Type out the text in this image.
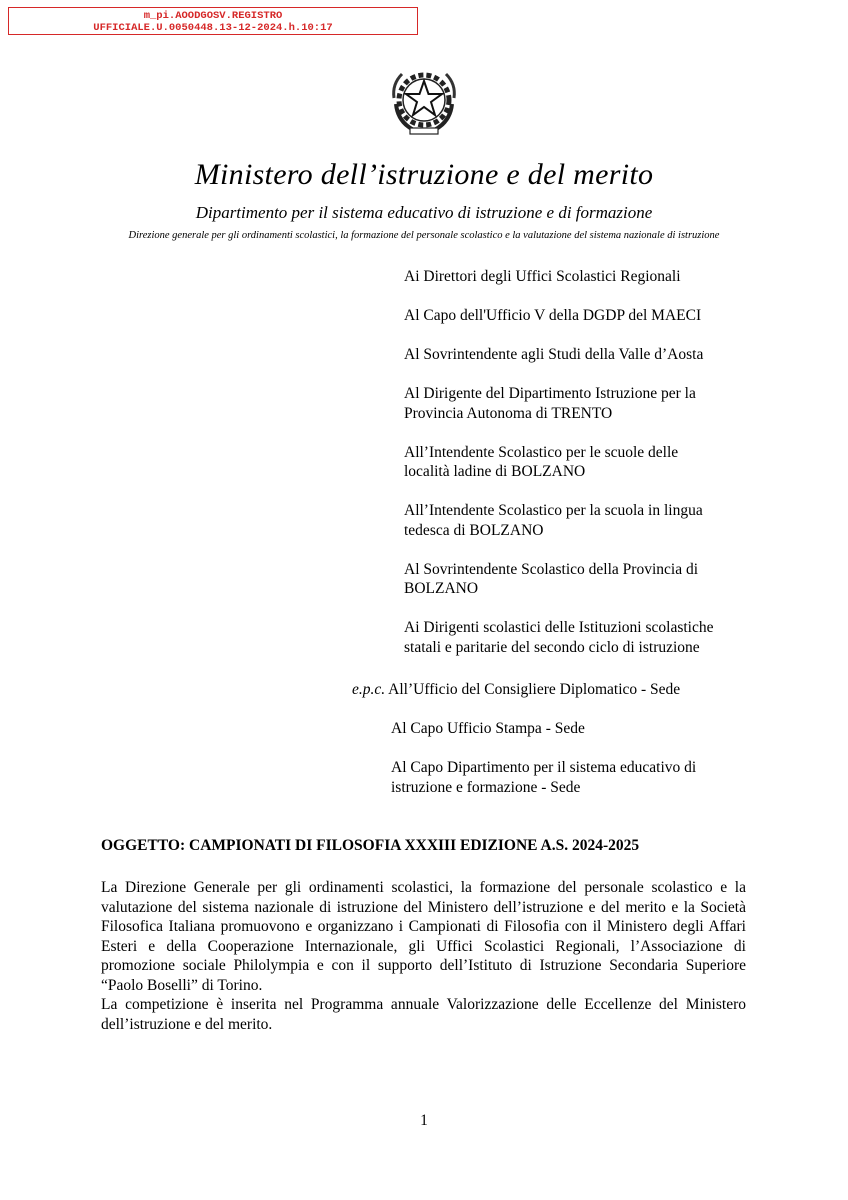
m_pi.AOODGOSV.REGISTRO
UFFICIALE.U.0050448.13-12-2024.h.10:17
Ministero dell’istruzione e del merito
Dipartimento per il sistema educativo di istruzione e di formazione
Direzione generale per gli ordinamenti scolastici, la formazione del personale scolastico e la valutazione del sistema nazionale di istruzione
Ai Direttori degli Uffici Scolastici Regionali
Al Capo dell'Ufficio V della DGDP del MAECI
Al Sovrintendente agli Studi della Valle d’Aosta
Al Dirigente del Dipartimento Istruzione per la
Provincia Autonoma di TRENTO
All’Intendente Scolastico per le scuole delle
località ladine di BOLZANO
All’Intendente Scolastico per la scuola in lingua
tedesca di BOLZANO
Al Sovrintendente Scolastico della Provincia di
BOLZANO
Ai Dirigenti scolastici delle Istituzioni scolastiche
statali e paritarie del secondo ciclo di istruzione
e.p.c. All’Ufficio del Consigliere Diplomatico - Sede
Al Capo Ufficio Stampa - Sede
Al Capo Dipartimento per il sistema educativo di
istruzione e formazione - Sede
OGGETTO: CAMPIONATI DI FILOSOFIA XXXIII EDIZIONE A.S. 2024-2025

La Direzione Generale per gli ordinamenti scolastici, la formazione del personale scolastico e la valutazione del sistema nazionale di istruzione del Ministero dell’istruzione e del merito e la Società Filosofica Italiana promuovono e organizzano i Campionati di Filosofia con il Ministero degli Affari Esteri e della Cooperazione Internazionale, gli Uffici Scolastici Regionali, l’Associazione di promozione sociale Philolympia e con il supporto dell’Istituto di Istruzione Secondaria Superiore “Paolo Boselli” di Torino.

La competizione è inserita nel Programma annuale Valorizzazione delle Eccellenze del Ministero dell’istruzione e del merito.

1
